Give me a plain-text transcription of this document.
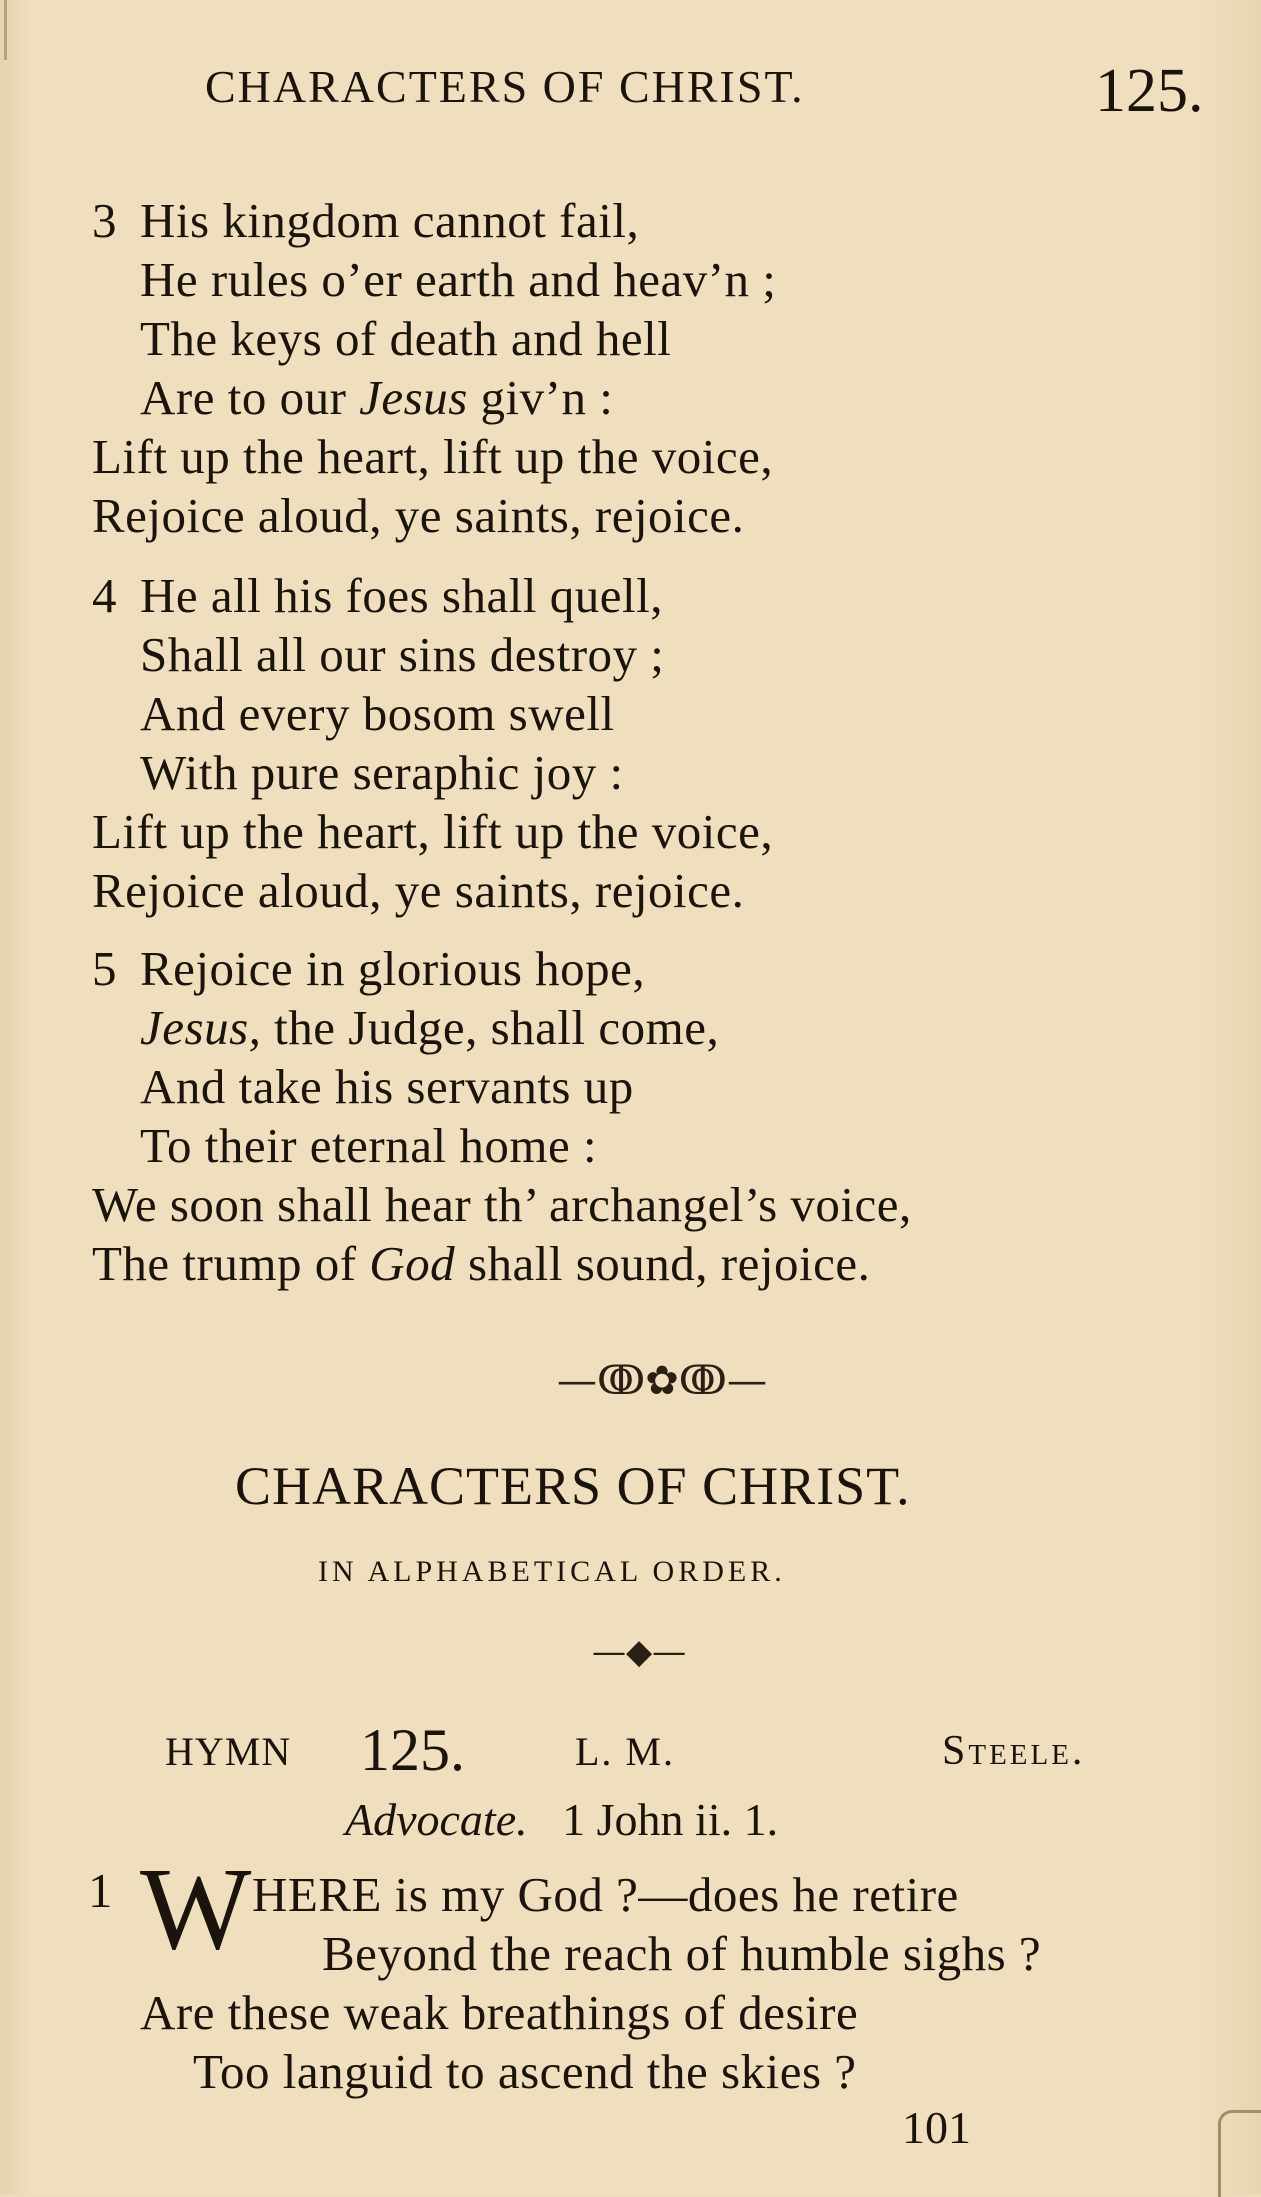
CHARACTERS OF CHRIST.	125.
3 His kingdom cannot fail,
He rules o’er earth and heav’n ;
The keys of death and hell
Are to our Jesus giv’n :
Lift up the heart, lift up the voice,
Rejoice aloud, ye saints, rejoice.
4 He all his foes shall quell,
Shall all our sins destroy ;
And every bosom swell
With pure seraphic joy :
Lift up the heart, lift up the voice,
Rejoice aloud, ye saints, rejoice.
5 Rejoice in glorious hope,
Jesus, the Judge, shall come,
And take his servants up
To their eternal home :
We soon shall hear th’ archangel’s voice,
The trump of God shall sound, rejoice.
—ↂ✿ↂ—
CHARACTERS OF CHRIST.
IN ALPHABETICAL ORDER.
—◆—
HYMN 125.	L. M.	Steele.
Advocate. 1 John ii. 1.
1 W HERE is my God ?—does he retire
Beyond the reach of humble sighs ?
Are these weak breathings of desire
Too languid to ascend the skies ?
101
